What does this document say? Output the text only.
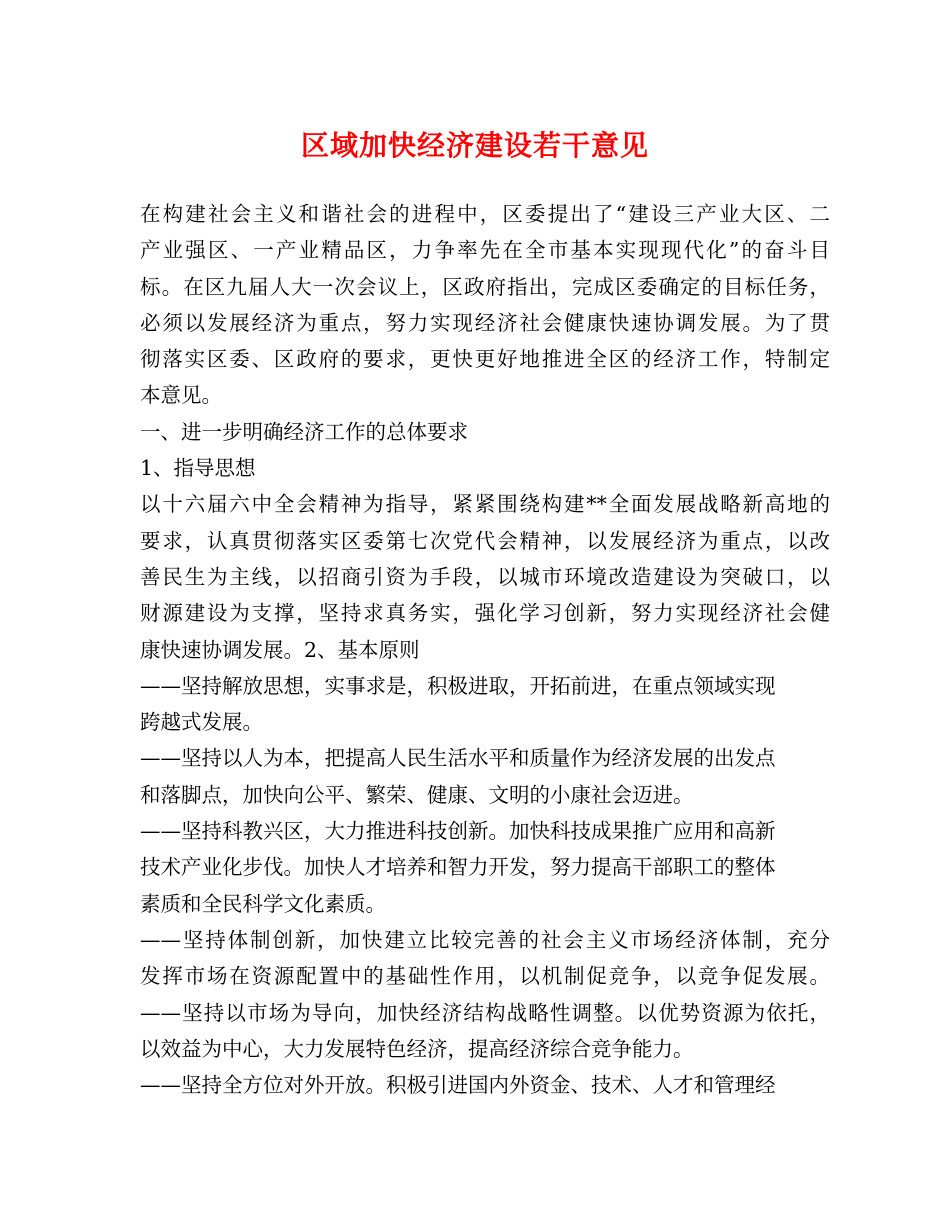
区域加快经济建设若干意见
在构建社会主义和谐社会的进程中，区委提出了“建设三产业大区、二
产业强区、一产业精品区，力争率先在全市基本实现现代化”的奋斗目
标。在区九届人大一次会议上，区政府指出，完成区委确定的目标任务，
必须以发展经济为重点，努力实现经济社会健康快速协调发展。为了贯
彻落实区委、区政府的要求，更快更好地推进全区的经济工作，特制定
本意见。
一、进一步明确经济工作的总体要求
1、指导思想
以十六届六中全会精神为指导，紧紧围绕构建**全面发展战略新高地的
要求，认真贯彻落实区委第七次党代会精神，以发展经济为重点，以改
善民生为主线，以招商引资为手段，以城市环境改造建设为突破口，以
财源建设为支撑，坚持求真务实，强化学习创新，努力实现经济社会健
康快速协调发展。2、基本原则
——坚持解放思想，实事求是，积极进取，开拓前进，在重点领域实现
跨越式发展。
——坚持以人为本，把提高人民生活水平和质量作为经济发展的出发点
和落脚点，加快向公平、繁荣、健康、文明的小康社会迈进。
——坚持科教兴区，大力推进科技创新。加快科技成果推广应用和高新
技术产业化步伐。加快人才培养和智力开发，努力提高干部职工的整体
素质和全民科学文化素质。
——坚持体制创新，加快建立比较完善的社会主义市场经济体制，充分
发挥市场在资源配置中的基础性作用，以机制促竞争，以竞争促发展。
——坚持以市场为导向，加快经济结构战略性调整。以优势资源为依托，
以效益为中心，大力发展特色经济，提高经济综合竞争能力。
——坚持全方位对外开放。积极引进国内外资金、技术、人才和管理经
